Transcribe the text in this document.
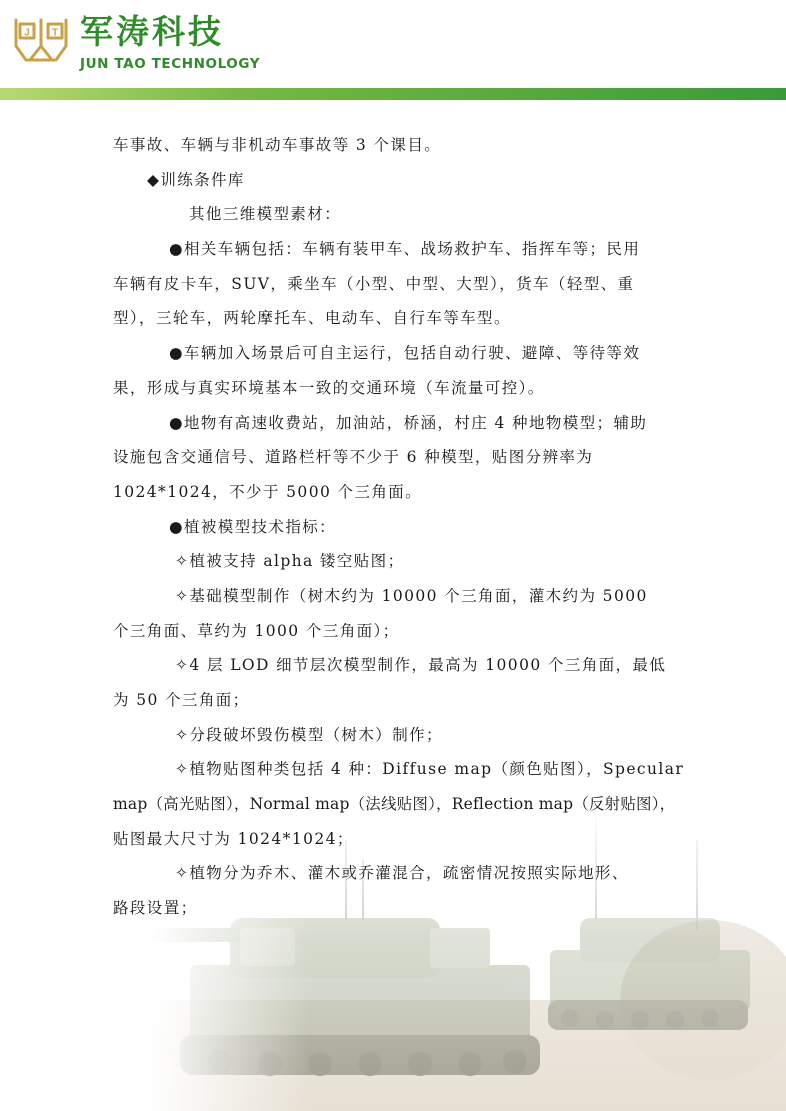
J T 军涛科技
JUN TAO TECHNOLOGY
车事故、车辆与非机动车事故等 3 个课目。
◆训练条件库
其他三维模型素材：
●相关车辆包括：车辆有装甲车、战场救护车、指挥车等；民用
车辆有皮卡车，SUV，乘坐车（小型、中型、大型），货车（轻型、重
型），三轮车，两轮摩托车、电动车、自行车等车型。
●车辆加入场景后可自主运行，包括自动行驶、避障、等待等效
果，形成与真实环境基本一致的交通环境（车流量可控）。
●地物有高速收费站，加油站，桥涵，村庄 4 种地物模型；辅助
设施包含交通信号、道路栏杆等不少于 6 种模型，贴图分辨率为
1024*1024，不少于 5000 个三角面。
●植被模型技术指标：
✧植被支持 alpha 镂空贴图；
✧基础模型制作（树木约为 10000 个三角面，灌木约为 5000
个三角面、草约为 1000 个三角面）；
✧4 层 LOD 细节层次模型制作，最高为 10000 个三角面，最低
为 50 个三角面；
✧分段破坏毁伤模型（树木）制作；
✧植物贴图种类包括 4 种：Diffuse map（颜色贴图），Specular
map（高光贴图），Normal map（法线贴图），Reflection map（反射贴图），
贴图最大尺寸为 1024*1024；
✧植物分为乔木、灌木或乔灌混合，疏密情况按照实际地形、
路段设置；
